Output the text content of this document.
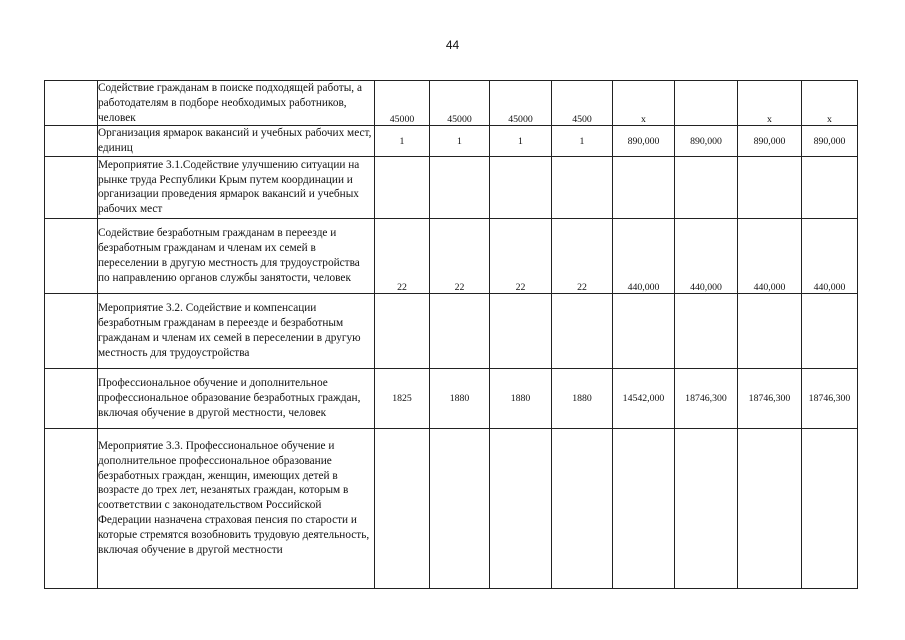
44
	Содействие гражданам в поиске подходящей работы, а работодателям в подборе необходимых работников, человек	45000	45000	45000	4500	x		x	x
	Организация ярмарок вакансий и учебных рабочих мест, единиц	1	1	1	1	890,000	890,000	890,000	890,000
	Мероприятие 3.1.Содействие улучшению ситуации на рынке труда Республики Крым путем координации и организации проведения ярмарок вакансий и учебных рабочих мест								
	Содействие безработным гражданам в переезде и безработным гражданам и членам их семей в переселении в другую местность для трудоустройства по направлению органов службы занятости, человек	22	22	22	22	440,000	440,000	440,000	440,000
	Мероприятие 3.2. Содействие и компенсации безработным гражданам в переезде и безработным гражданам и членам их семей в переселении в другую местность для трудоустройства								
	Профессиональное обучение и дополнительное профессиональное образование безработных граждан, включая обучение в другой местности, человек	1825	1880	1880	1880	14542,000	18746,300	18746,300	18746,300
	Мероприятие 3.3. Профессиональное обучение и дополнительное профессиональное образование безработных граждан, женщин, имеющих детей в возрасте до трех лет, незанятых граждан, которым в соответствии с законодательством Российской Федерации назначена страховая пенсия по старости и которые стремятся возобновить трудовую деятельность, включая обучение в другой местности								
